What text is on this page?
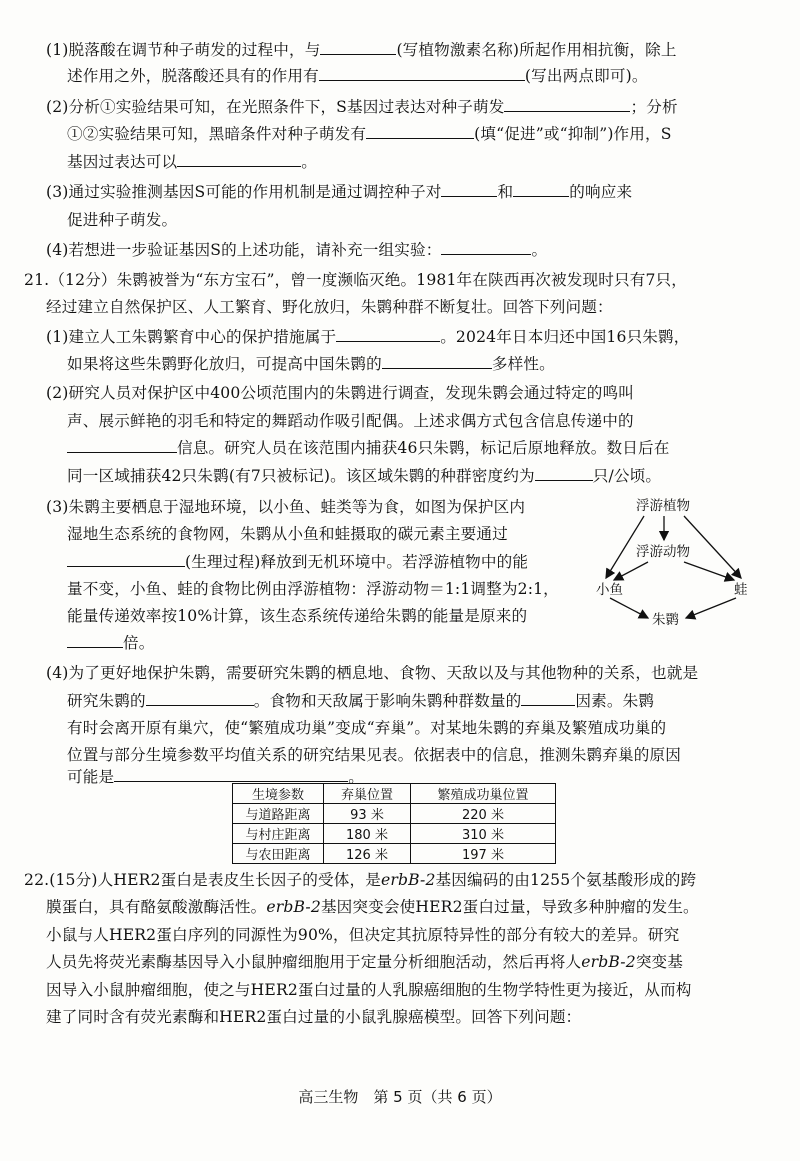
(1)脱落酸在调节种子萌发的过程中，与	(写植物激素名称)所起作用相抗衡，除上
述作用之外，脱落酸还具有的作用有	(写出两点即可)。
(2)分析①实验结果可知，在光照条件下，S基因过表达对种子萌发	；分析
①②实验结果可知，黑暗条件对种子萌发有	(填“促进”或“抑制”)作用，S
基因过表达可以	。
(3)通过实验推测基因S可能的作用机制是通过调控种子对	和	的响应来
促进种子萌发。
(4)若想进一步验证基因S的上述功能，请补充一组实验：	。
21.（12分）朱鹮被誉为“东方宝石”，曾一度濒临灭绝。1981年在陕西再次被发现时只有7只，
经过建立自然保护区、人工繁育、野化放归，朱鹮种群不断复壮。回答下列问题：
(1)建立人工朱鹮繁育中心的保护措施属于	。2024年日本归还中国16只朱鹮，
如果将这些朱鹮野化放归，可提高中国朱鹮的	多样性。
(2)研究人员对保护区中400公顷范围内的朱鹮进行调查，发现朱鹮会通过特定的鸣叫
声、展示鲜艳的羽毛和特定的舞蹈动作吸引配偶。上述求偶方式包含信息传递中的
信息。研究人员在该范围内捕获46只朱鹮，标记后原地释放。数日后在
同一区域捕获42只朱鹮(有7只被标记)。该区域朱鹮的种群密度约为	只/公顷。
(3)朱鹮主要栖息于湿地环境，以小鱼、蛙类等为食，如图为保护区内
湿地生态系统的食物网，朱鹮从小鱼和蛙摄取的碳元素主要通过
(生理过程)释放到无机环境中。若浮游植物中的能
量不变，小鱼、蛙的食物比例由浮游植物：浮游动物＝1:1调整为2:1，
能量传递效率按10%计算，该生态系统传递给朱鹮的能量是原来的
倍。
浮游植物
浮游动物
小鱼	蛙
朱鹮
(4)为了更好地保护朱鹮，需要研究朱鹮的栖息地、食物、天敌以及与其他物种的关系，也就是
研究朱鹮的	。食物和天敌属于影响朱鹮种群数量的	因素。朱鹮
有时会离开原有巢穴，使“繁殖成功巢”变成“弃巢”。对某地朱鹮的弃巢及繁殖成功巢的
位置与部分生境参数平均值关系的研究结果见表。依据表中的信息，推测朱鹮弃巢的原因
可能是	。
生境参数	弃巢位置	繁殖成功巢位置
与道路距离	93 米	220 米
与村庄距离	180 米	310 米
与农田距离	126 米	197 米
22.(15分)人HER2蛋白是表皮生长因子的受体，是erbB-2基因编码的由1255个氨基酸形成的跨
膜蛋白，具有酪氨酸激酶活性。erbB-2基因突变会使HER2蛋白过量，导致多种肿瘤的发生。
小鼠与人HER2蛋白序列的同源性为90%，但决定其抗原特异性的部分有较大的差异。研究
人员先将荧光素酶基因导入小鼠肿瘤细胞用于定量分析细胞活动，然后再将人erbB-2突变基
因导入小鼠肿瘤细胞，使之与HER2蛋白过量的人乳腺癌细胞的生物学特性更为接近，从而构
建了同时含有荧光素酶和HER2蛋白过量的小鼠乳腺癌模型。回答下列问题：
高三生物　第 5 页（共 6 页）
